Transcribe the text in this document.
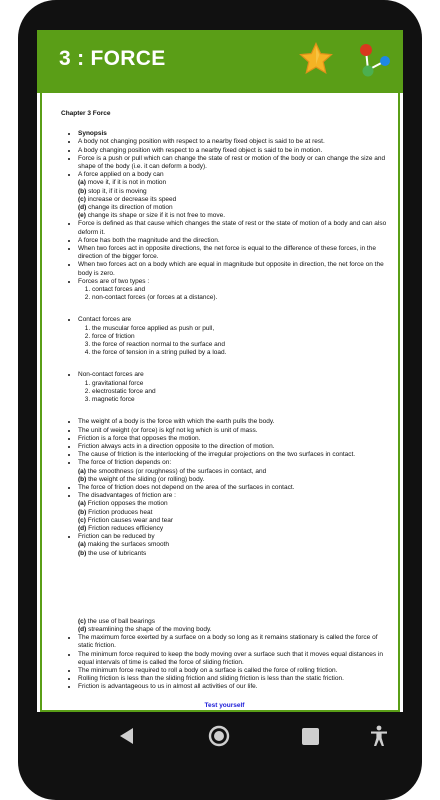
3 : FORCE
Chapter 3 Force
• Synopsis
• A body not changing position with respect to a nearby fixed object is said to be at rest.
• A body changing position with respect to a nearby fixed object is said to be in motion.
• Force is a push or pull which can change the state of rest or motion of the body or can change the size and shape of the body (i.e. it can deform a body).
• A force applied on a body can
(a) move it, if it is not in motion
(b) stop it, if it is moving
(c) increase or decrease its speed
(d) change its direction of motion
(e) change its shape or size if it is not free to move.
• Force is defined as that cause which changes the state of rest or the state of motion of a body and can also deform it.
• A force has both the magnitude and the direction.
• When two forces act in opposite directions, the net force is equal to the difference of these forces, in the direction of the bigger force.
• When two forces act on a body which are equal in magnitude but opposite in direction, the net force on the body is zero.
• Forces are of two types :
1. contact forces and
2. non-contact forces (or forces at a distance).
• Contact forces are
1. the muscular force applied as push or pull,
2. force of friction
3. the force of reaction normal to the surface and
4. the force of tension in a string pulled by a load.
• Non-contact forces are
1. gravitational force
2. electrostatic force and
3. magnetic force
• The weight of a body is the force with which the earth pulls the body.
• The unit of weight (or force) is kgf not kg which is unit of mass.
• Friction is a force that opposes the motion.
• Friction always acts in a direction opposite to the direction of motion.
• The cause of friction is the interlocking of the irregular projections on the two surfaces in contact.
• The force of friction depends on:
(a) the smoothness (or roughness) of the surfaces in contact, and
(b) the weight of the sliding (or rolling) body.
• The force of friction does not depend on the area of the surfaces in contact.
• The disadvantages of friction are :
(a) Friction opposes the motion
(b) Friction produces heat
(c) Friction causes wear and tear
(d) Friction reduces efficiency
• Friction can be reduced by
(a) making the surfaces smooth
(b) the use of lubricants
(c) the use of ball bearings
(d) streamlining the shape of the moving body.
• The maximum force exerted by a surface on a body so long as it remains stationary is called the force of static friction.
• The minimum force required to keep the body moving over a surface such that it moves equal distances in equal intervals of time is called the force of sliding friction.
• The minimum force required to roll a body on a surface is called the force of rolling friction.
• Rolling friction is less than the sliding friction and sliding friction is less than the static friction.
• Friction is advantageous to us in almost all activities of our life.
Test yourself
